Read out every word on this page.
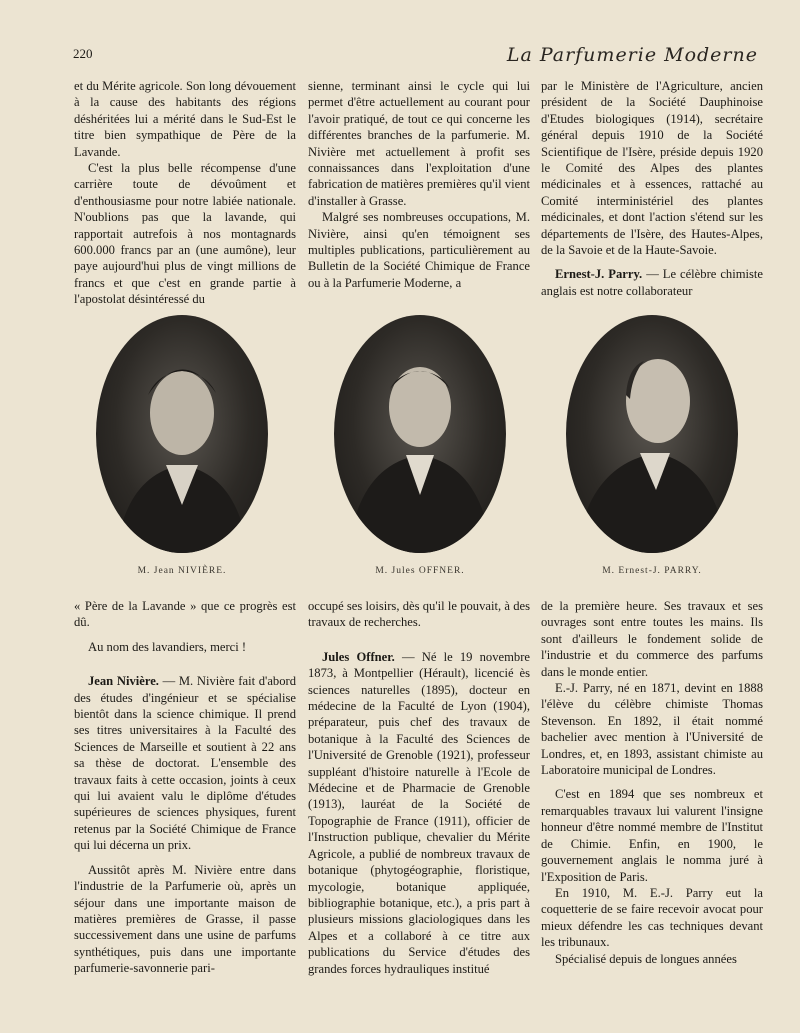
220	La Parfumerie Moderne

et du Mérite agricole. Son long dévouement à la cause des habitants des régions déshéritées lui a mérité dans le Sud-Est le titre bien sympathique de Père de la Lavande.

C'est la plus belle récompense d'une carrière toute de dévoûment et d'enthousiasme pour notre labiée nationale. N'oublions pas que la lavande, qui rapportait autrefois à nos montagnards 600.000 francs par an (une aumône), leur paye aujourd'hui plus de vingt millions de francs et que c'est en grande partie à l'apostolat désintéressé du

sienne, terminant ainsi le cycle qui lui permet d'être actuellement au courant pour l'avoir pratiqué, de tout ce qui concerne les différentes branches de la parfumerie. M. Nivière met actuellement à profit ses connaissances dans l'exploitation d'une fabrication de matières premières qu'il vient d'installer à Grasse.

Malgré ses nombreuses occupations, M. Nivière, ainsi qu'en témoignent ses multiples publications, particulièrement au Bulletin de la Société Chimique de France ou à la Parfumerie Moderne, a

par le Ministère de l'Agriculture, ancien président de la Société Dauphinoise d'Etudes biologiques (1914), secrétaire général depuis 1910 de la Société Scientifique de l'Isère, préside depuis 1920 le Comité des Alpes des plantes médicinales et à essences, rattaché au Comité interministériel des plantes médicinales, et dont l'action s'étend sur les départements de l'Isère, des Hautes-Alpes, de la Savoie et de la Haute-Savoie.

Ernest-J. Parry. — Le célèbre chimiste anglais est notre collaborateur

M. Jean NIVIÈRE.	M. Jules OFFNER.	M. Ernest-J. PARRY.

« Père de la Lavande » que ce progrès est dû.

Au nom des lavandiers, merci !

Jean Nivière. — M. Nivière fait d'abord des études d'ingénieur et se spécialise bientôt dans la science chimique. Il prend ses titres universitaires à la Faculté des Sciences de Marseille et soutient à 22 ans sa thèse de doctorat. L'ensemble des travaux faits à cette occasion, joints à ceux qui lui avaient valu le diplôme d'études supérieures de sciences physiques, furent retenus par la Société Chimique de France qui lui décerna un prix.

Aussitôt après M. Nivière entre dans l'industrie de la Parfumerie où, après un séjour dans une importante maison de matières premières de Grasse, il passe successivement dans une usine de parfums synthétiques, puis dans une importante parfumerie-savonnerie pari-

occupé ses loisirs, dès qu'il le pouvait, à des travaux de recherches.

Jules Offner. — Né le 19 novembre 1873, à Montpellier (Hérault), licencié ès sciences naturelles (1895), docteur en médecine de la Faculté de Lyon (1904), préparateur, puis chef des travaux de botanique à la Faculté des Sciences de l'Université de Grenoble (1921), professeur suppléant d'histoire naturelle à l'Ecole de Médecine et de Pharmacie de Grenoble (1913), lauréat de la Société de Topographie de France (1911), officier de l'Instruction publique, chevalier du Mérite Agricole, a publié de nombreux travaux de botanique (phytogéographie, floristique, mycologie, botanique appliquée, bibliographie botanique, etc.), a pris part à plusieurs missions glaciologiques dans les Alpes et a collaboré à ce titre aux publications du Service d'études des grandes forces hydrauliques institué

de la première heure. Ses travaux et ses ouvrages sont entre toutes les mains. Ils sont d'ailleurs le fondement solide de l'industrie et du commerce des parfums dans le monde entier.

E.-J. Parry, né en 1871, devint en 1888 l'élève du célèbre chimiste Thomas Stevenson. En 1892, il était nommé bachelier avec mention à l'Université de Londres, et, en 1893, assistant chimiste au Laboratoire municipal de Londres.

C'est en 1894 que ses nombreux et remarquables travaux lui valurent l'insigne honneur d'être nommé membre de l'Institut de Chimie. Enfin, en 1900, le gouvernement anglais le nomma juré à l'Exposition de Paris.

En 1910, M. E.-J. Parry eut la coquetterie de se faire recevoir avocat pour mieux défendre les cas techniques devant les tribunaux.

Spécialisé depuis de longues années
